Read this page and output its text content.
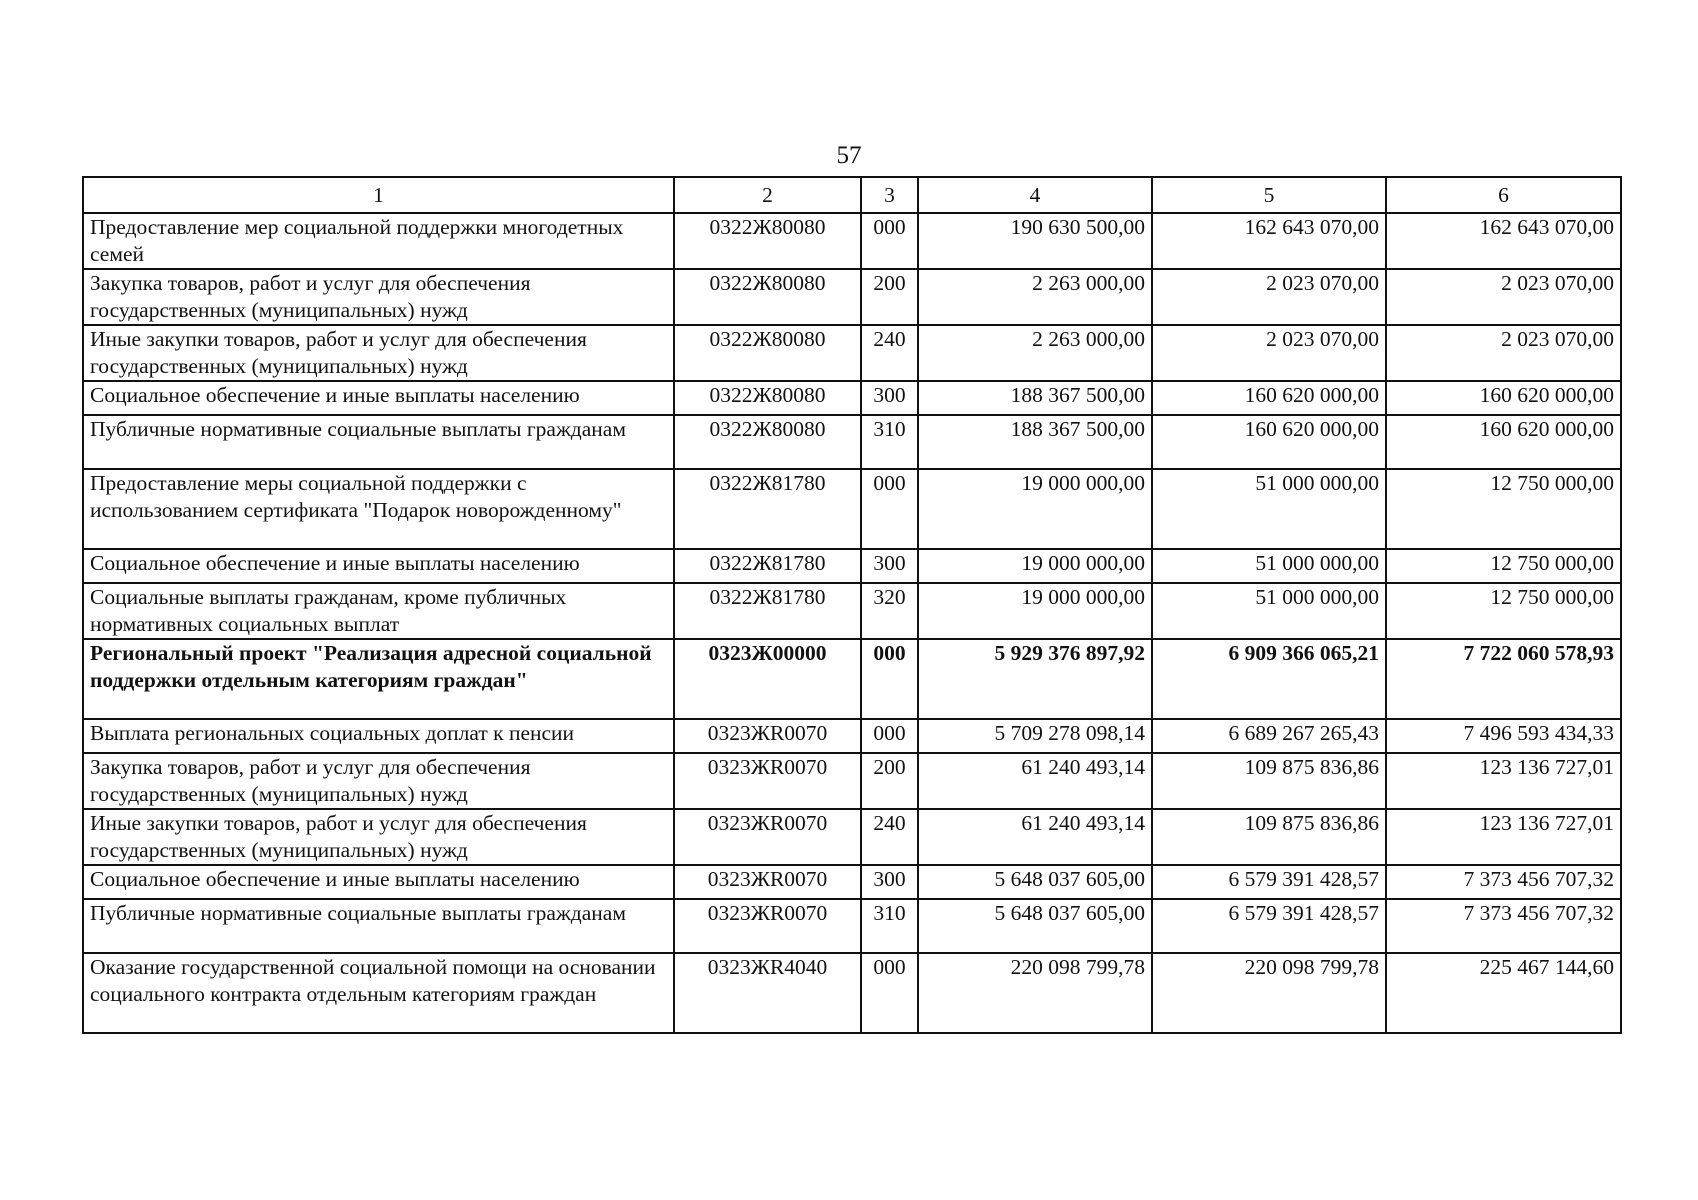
57
1	2	3	4	5	6
Предоставление мер социальной поддержки многодетных семей	0322Ж80080	000	190 630 500,00	162 643 070,00	162 643 070,00
Закупка товаров, работ и услуг для обеспечения государственных (муниципальных) нужд	0322Ж80080	200	2 263 000,00	2 023 070,00	2 023 070,00
Иные закупки товаров, работ и услуг для обеспечения государственных (муниципальных) нужд	0322Ж80080	240	2 263 000,00	2 023 070,00	2 023 070,00
Социальное обеспечение и иные выплаты населению	0322Ж80080	300	188 367 500,00	160 620 000,00	160 620 000,00
Публичные нормативные социальные выплаты гражданам	0322Ж80080	310	188 367 500,00	160 620 000,00	160 620 000,00
Предоставление меры социальной поддержки с использованием сертификата "Подарок новорожденному"	0322Ж81780	000	19 000 000,00	51 000 000,00	12 750 000,00
Социальное обеспечение и иные выплаты населению	0322Ж81780	300	19 000 000,00	51 000 000,00	12 750 000,00
Социальные выплаты гражданам, кроме публичных нормативных социальных выплат	0322Ж81780	320	19 000 000,00	51 000 000,00	12 750 000,00
Региональный проект "Реализация адресной социальной поддержки отдельным категориям граждан"	0323Ж00000	000	5 929 376 897,92	6 909 366 065,21	7 722 060 578,93
Выплата региональных социальных доплат к пенсии	0323ЖR0070	000	5 709 278 098,14	6 689 267 265,43	7 496 593 434,33
Закупка товаров, работ и услуг для обеспечения государственных (муниципальных) нужд	0323ЖR0070	200	61 240 493,14	109 875 836,86	123 136 727,01
Иные закупки товаров, работ и услуг для обеспечения государственных (муниципальных) нужд	0323ЖR0070	240	61 240 493,14	109 875 836,86	123 136 727,01
Социальное обеспечение и иные выплаты населению	0323ЖR0070	300	5 648 037 605,00	6 579 391 428,57	7 373 456 707,32
Публичные нормативные социальные выплаты гражданам	0323ЖR0070	310	5 648 037 605,00	6 579 391 428,57	7 373 456 707,32
Оказание государственной социальной помощи на основании социального контракта отдельным категориям граждан	0323ЖR4040	000	220 098 799,78	220 098 799,78	225 467 144,60
